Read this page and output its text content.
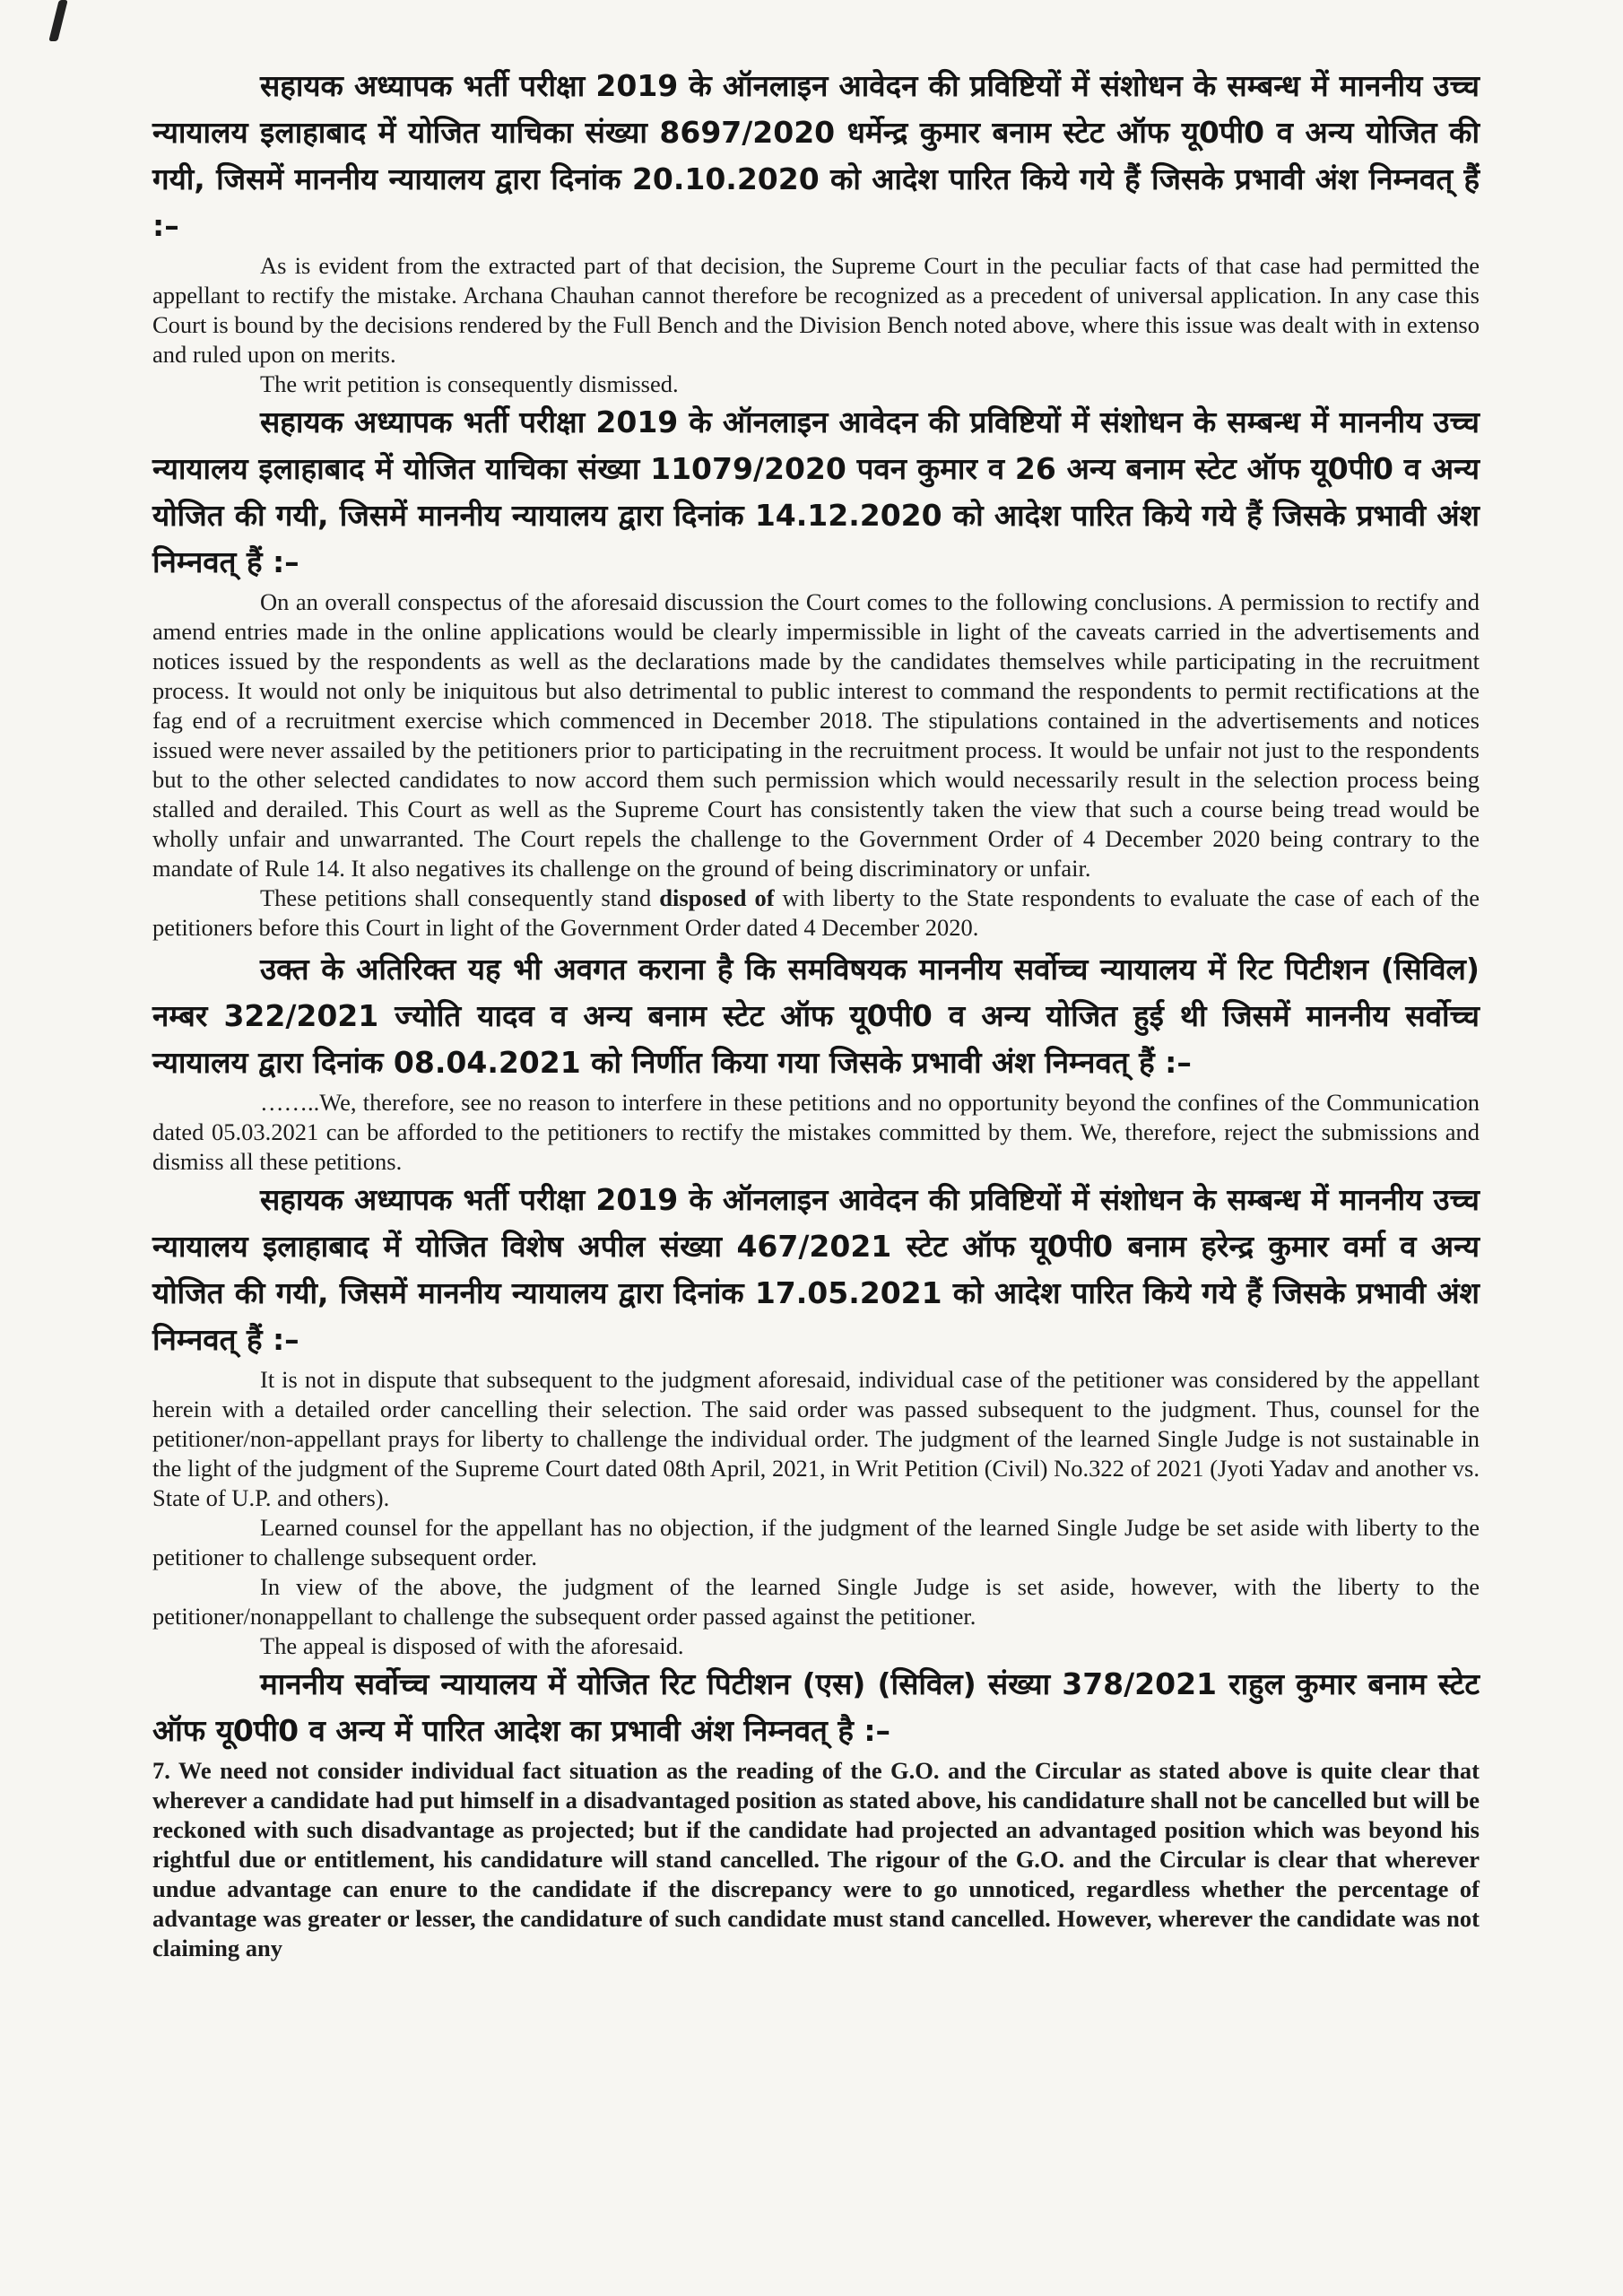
सहायक अध्यापक भर्ती परीक्षा 2019 के ऑनलाइन आवेदन की प्रविष्टियों में संशोधन के सम्बन्ध में माननीय उच्च न्यायालय इलाहाबाद में योजित याचिका संख्या 8697/2020 धर्मेन्द्र कुमार बनाम स्टेट ऑफ यू0पी0 व अन्य योजित की गयी, जिसमें माननीय न्यायालय द्वारा दिनांक 20.10.2020 को आदेश पारित किये गये हैं जिसके प्रभावी अंश निम्नवत् हैं :–

As is evident from the extracted part of that decision, the Supreme Court in the peculiar facts of that case had permitted the appellant to rectify the mistake. Archana Chauhan cannot therefore be recognized as a precedent of universal application. In any case this Court is bound by the decisions rendered by the Full Bench and the Division Bench noted above, where this issue was dealt with in extenso and ruled upon on merits.

The writ petition is consequently dismissed.

सहायक अध्यापक भर्ती परीक्षा 2019 के ऑनलाइन आवेदन की प्रविष्टियों में संशोधन के सम्बन्ध में माननीय उच्च न्यायालय इलाहाबाद में योजित याचिका संख्या 11079/2020 पवन कुमार व 26 अन्य बनाम स्टेट ऑफ यू0पी0 व अन्य योजित की गयी, जिसमें माननीय न्यायालय द्वारा दिनांक 14.12.2020 को आदेश पारित किये गये हैं जिसके प्रभावी अंश निम्नवत् हैं :–

On an overall conspectus of the aforesaid discussion the Court comes to the following conclusions. A permission to rectify and amend entries made in the online applications would be clearly impermissible in light of the caveats carried in the advertisements and notices issued by the respondents as well as the declarations made by the candidates themselves while participating in the recruitment process. It would not only be iniquitous but also detrimental to public interest to command the respondents to permit rectifications at the fag end of a recruitment exercise which commenced in December 2018. The stipulations contained in the advertisements and notices issued were never assailed by the petitioners prior to participating in the recruitment process. It would be unfair not just to the respondents but to the other selected candidates to now accord them such permission which would necessarily result in the selection process being stalled and derailed. This Court as well as the Supreme Court has consistently taken the view that such a course being tread would be wholly unfair and unwarranted. The Court repels the challenge to the Government Order of 4 December 2020 being contrary to the mandate of Rule 14. It also negatives its challenge on the ground of being discriminatory or unfair.

These petitions shall consequently stand disposed of with liberty to the State respondents to evaluate the case of each of the petitioners before this Court in light of the Government Order dated 4 December 2020.

उक्त के अतिरिक्त यह भी अवगत कराना है कि समविषयक माननीय सर्वोच्च न्यायालय में रिट पिटीशन (सिविल) नम्बर 322/2021 ज्योति यादव व अन्य बनाम स्टेट ऑफ यू0पी0 व अन्य योजित हुई थी जिसमें माननीय सर्वोच्च न्यायालय द्वारा दिनांक 08.04.2021 को निर्णीत किया गया जिसके प्रभावी अंश निम्नवत् हैं :–

……..We, therefore, see no reason to interfere in these petitions and no opportunity beyond the confines of the Communication dated 05.03.2021 can be afforded to the petitioners to rectify the mistakes committed by them. We, therefore, reject the submissions and dismiss all these petitions.

सहायक अध्यापक भर्ती परीक्षा 2019 के ऑनलाइन आवेदन की प्रविष्टियों में संशोधन के सम्बन्ध में माननीय उच्च न्यायालय इलाहाबाद में योजित विशेष अपील संख्या 467/2021 स्टेट ऑफ यू0पी0 बनाम हरेन्द्र कुमार वर्मा व अन्य योजित की गयी, जिसमें माननीय न्यायालय द्वारा दिनांक 17.05.2021 को आदेश पारित किये गये हैं जिसके प्रभावी अंश निम्नवत् हैं :–

It is not in dispute that subsequent to the judgment aforesaid, individual case of the petitioner was considered by the appellant herein with a detailed order cancelling their selection. The said order was passed subsequent to the judgment. Thus, counsel for the petitioner/non-appellant prays for liberty to challenge the individual order. The judgment of the learned Single Judge is not sustainable in the light of the judgment of the Supreme Court dated 08th April, 2021, in Writ Petition (Civil) No.322 of 2021 (Jyoti Yadav and another vs. State of U.P. and others).

Learned counsel for the appellant has no objection, if the judgment of the learned Single Judge be set aside with liberty to the petitioner to challenge subsequent order.

In view of the above, the judgment of the learned Single Judge is set aside, however, with the liberty to the petitioner/nonappellant to challenge the subsequent order passed against the petitioner.

The appeal is disposed of with the aforesaid.

माननीय सर्वोच्च न्यायालय में योजित रिट पिटीशन (एस) (सिविल) संख्या 378/2021 राहुल कुमार बनाम स्टेट ऑफ यू0पी0 व अन्य में पारित आदेश का प्रभावी अंश निम्नवत् है :–

7. We need not consider individual fact situation as the reading of the G.O. and the Circular as stated above is quite clear that wherever a candidate had put himself in a disadvantaged position as stated above, his candidature shall not be cancelled but will be reckoned with such disadvantage as projected; but if the candidate had projected an advantaged position which was beyond his rightful due or entitlement, his candidature will stand cancelled. The rigour of the G.O. and the Circular is clear that wherever undue advantage can enure to the candidate if the discrepancy were to go unnoticed, regardless whether the percentage of advantage was greater or lesser, the candidature of such candidate must stand cancelled. However, wherever the candidate was not claiming any
